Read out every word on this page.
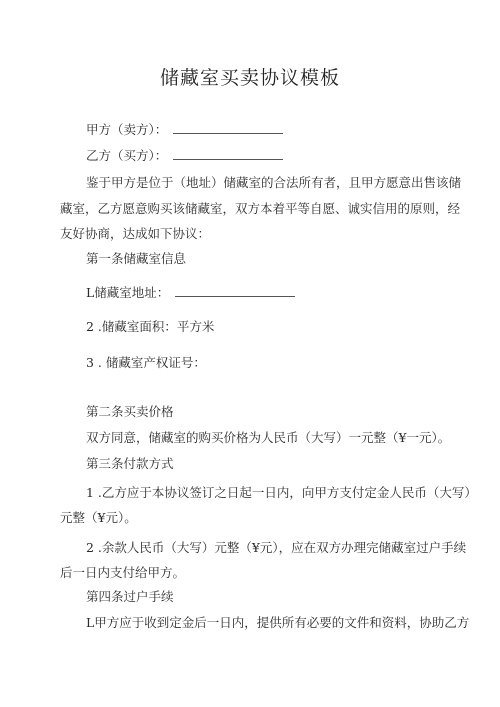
储藏室买卖协议模板
甲方（卖方）：
乙方（买方）：
鉴于甲方是位于（地址）储藏室的合法所有者，且甲方愿意出售该储
藏室，乙方愿意购买该储藏室，双方本着平等自愿、诚实信用的原则，经
友好协商，达成如下协议：
第一条储藏室信息
L储藏室地址：
2 .储藏室面积：平方米
3 . 储藏室产权证号：
第二条买卖价格
双方同意，储藏室的购买价格为人民币（大写）一元整（¥一元）。
第三条付款方式
1 .乙方应于本协议签订之日起一日内，向甲方支付定金人民币（大写）
元整（¥元）。
2 .余款人民币（大写）元整（¥元），应在双方办理完储藏室过户手续
后一日内支付给甲方。
第四条过户手续
L甲方应于收到定金后一日内，提供所有必要的文件和资料，协助乙方
